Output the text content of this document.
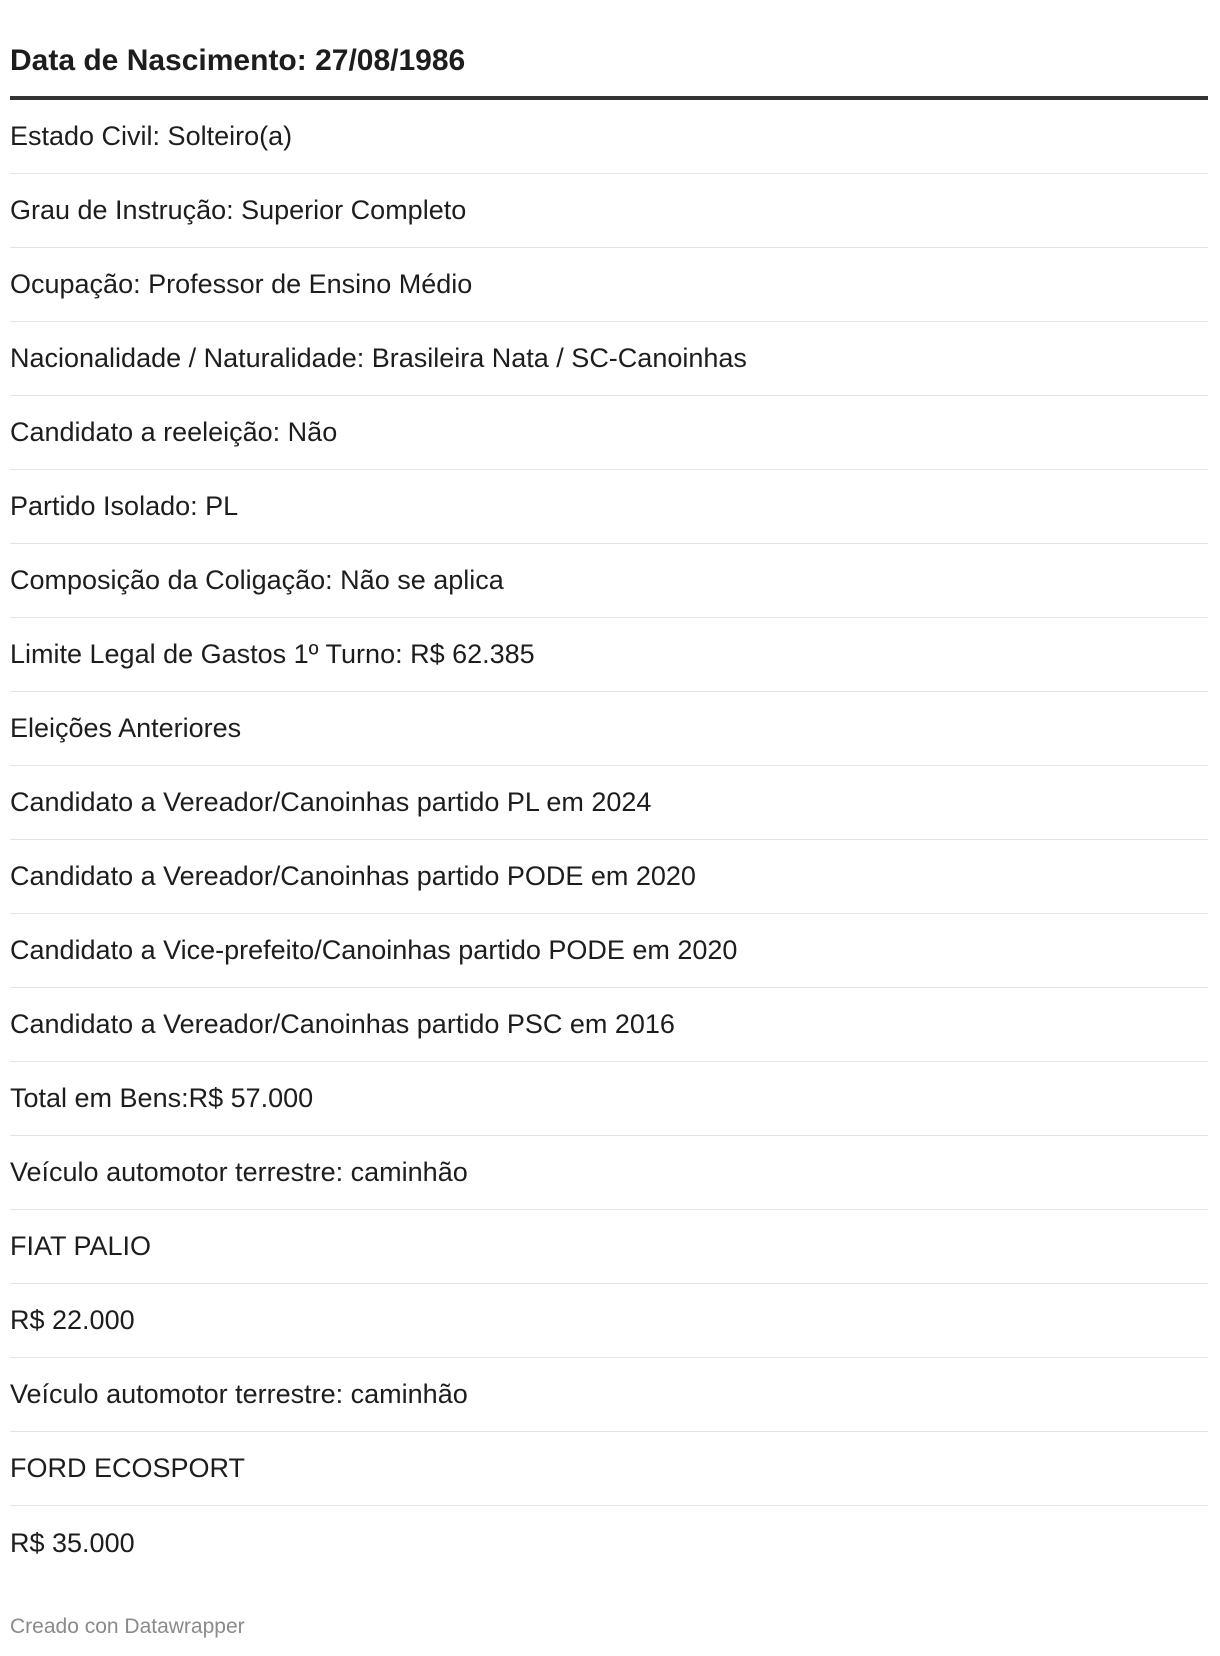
Data de Nascimento: 27/08/1986
Estado Civil: Solteiro(a)
Grau de Instrução: Superior Completo
Ocupação: Professor de Ensino Médio
Nacionalidade / Naturalidade: Brasileira Nata / SC-Canoinhas
Candidato a reeleição: Não
Partido Isolado: PL
Composição da Coligação: Não se aplica
Limite Legal de Gastos 1º Turno: R$ 62.385
Eleições Anteriores
Candidato a Vereador/Canoinhas partido PL em 2024
Candidato a Vereador/Canoinhas partido PODE em 2020
Candidato a Vice-prefeito/Canoinhas partido PODE em 2020
Candidato a Vereador/Canoinhas partido PSC em 2016
Total em Bens:R$ 57.000
Veículo automotor terrestre: caminhão
FIAT PALIO
R$ 22.000
Veículo automotor terrestre: caminhão
FORD ECOSPORT
R$ 35.000
Creado con Datawrapper
